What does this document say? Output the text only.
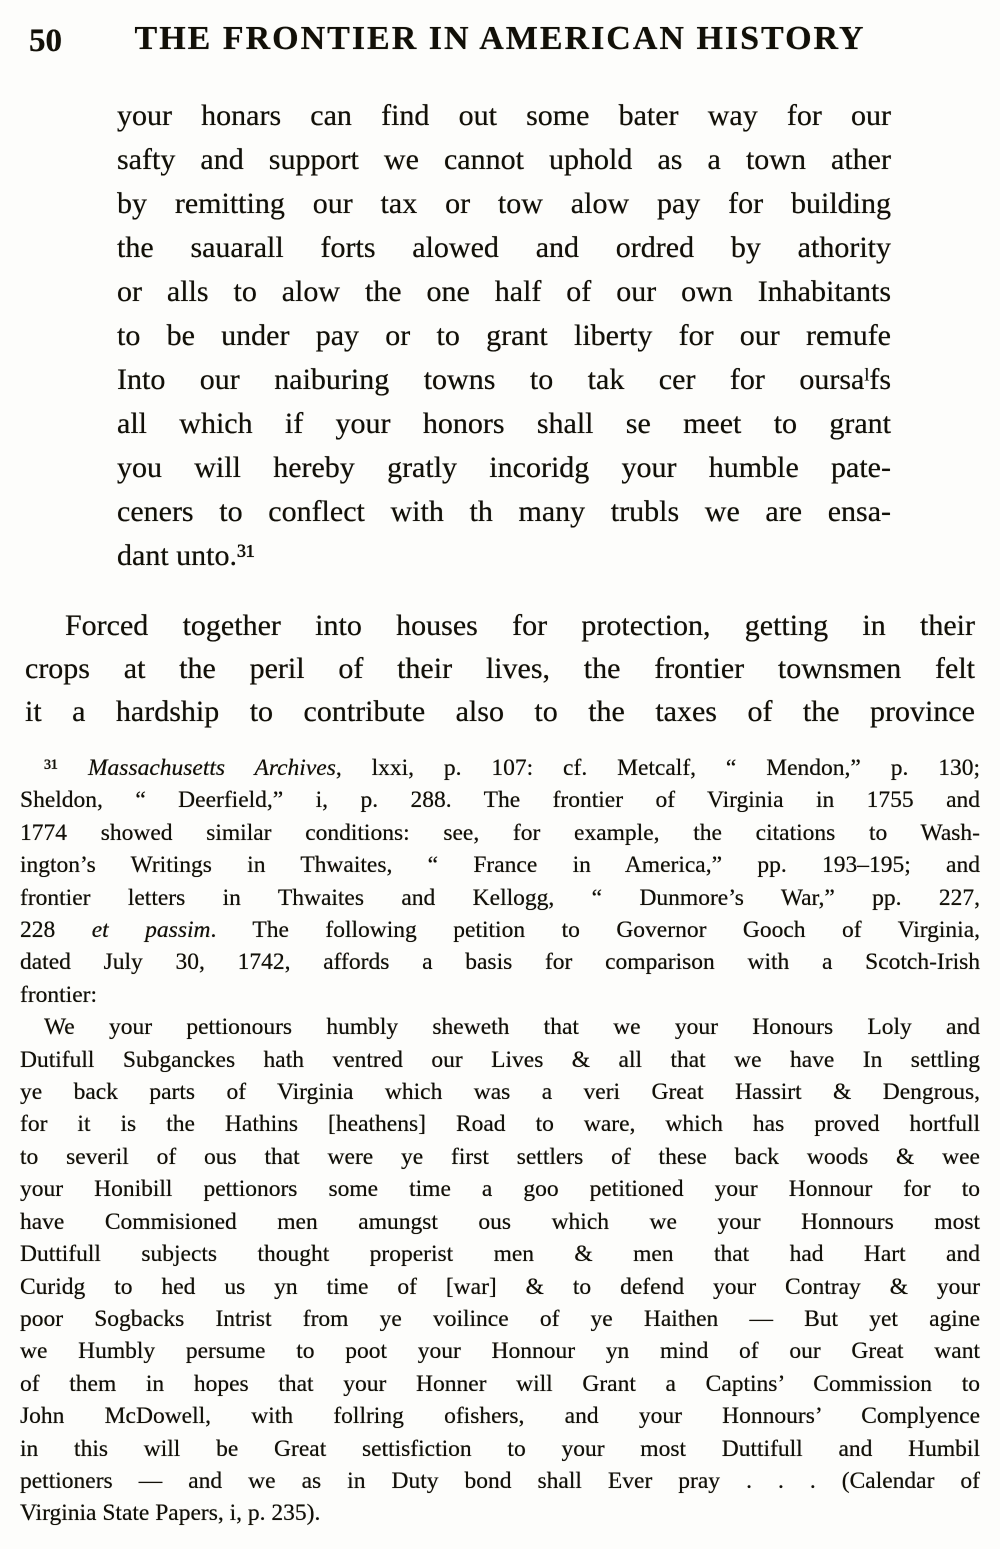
50	THE FRONTIER IN AMERICAN HISTORY
your honars can find out some bater way for our
safty and support we cannot uphold as a town ather
by remitting our tax or tow alow pay for building
the sauarall forts alowed and ordred by athority
or alls to alow the one half of our own Inhabitants
to be under pay or to grant liberty for our remufe
Into our naiburing towns to tak cer for oursaˡfs
all which if your honors shall se meet to grant
you will hereby gratly incoridg your humble pate-
ceners to conflect with th many trubls we are ensa-
dant unto.³¹
Forced together into houses for protection, getting in their
crops at the peril of their lives, the frontier townsmen felt
it a hardship to contribute also to the taxes of the province
³¹ Massachusetts Archives, lxxi, p. 107: cf. Metcalf, “ Mendon,” p. 130;
Sheldon, “ Deerfield,” i, p. 288. The frontier of Virginia in 1755 and
1774 showed similar conditions: see, for example, the citations to Wash-
ington’s Writings in Thwaites, “ France in America,” pp. 193–195; and
frontier letters in Thwaites and Kellogg, “ Dunmore’s War,” pp. 227,
228 et passim. The following petition to Governor Gooch of Virginia,
dated July 30, 1742, affords a basis for comparison with a Scotch-Irish
frontier:
We your pettionours humbly sheweth that we your Honours Loly and
Dutifull Subganckes hath ventred our Lives & all that we have In settling
ye back parts of Virginia which was a veri Great Hassirt & Dengrous,
for it is the Hathins [heathens] Road to ware, which has proved hortfull
to severil of ous that were ye first settlers of these back woods & wee
your Honibill pettionors some time a goo petitioned your Honnour for to
have Commisioned men amungst ous which we your Honnours most
Duttifull subjects thought properist men & men that had Hart and
Curidg to hed us yn time of [war] & to defend your Contray & your
poor Sogbacks Intrist from ye voilince of ye Haithen — But yet agine
we Humbly persume to poot your Honnour yn mind of our Great want
of them in hopes that your Honner will Grant a Captins’ Commission to
John McDowell, with follring ofishers, and your Honnours’ Complyence
in this will be Great settisfiction to your most Duttifull and Humbil
pettioners — and we as in Duty bond shall Ever pray . . . (Calendar of
Virginia State Papers, i, p. 235).
